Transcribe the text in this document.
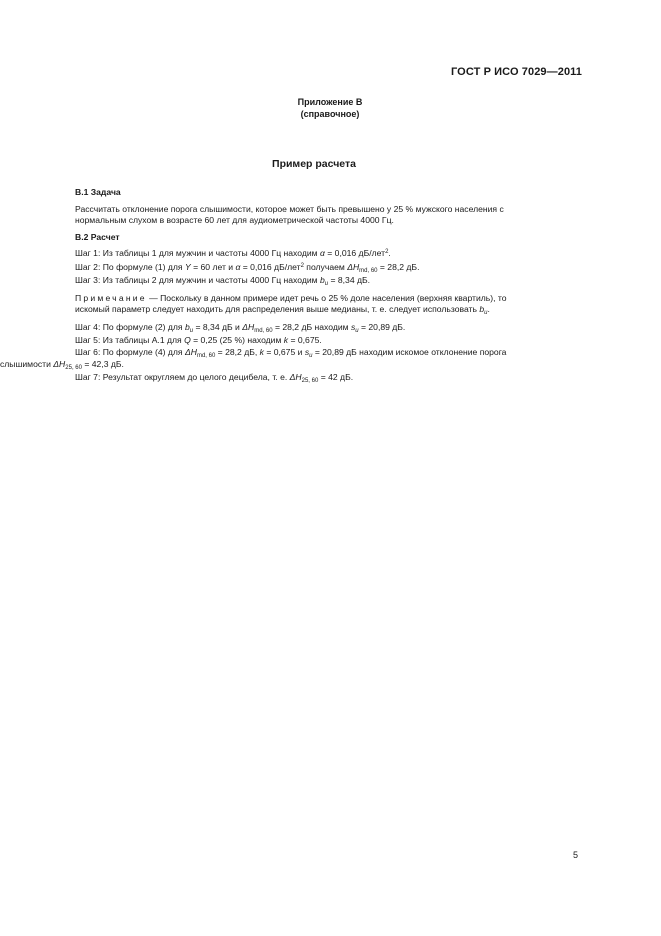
ГОСТ Р ИСО 7029—2011
Приложение В
(справочное)
Пример расчета
В.1 Задача
Рассчитать отклонение порога слышимости, которое может быть превышено у 25 % мужского населения с
нормальным слухом в возрасте 60 лет для аудиометрической частоты 4000 Гц.
В.2 Расчет
Шаг 1: Из таблицы 1 для мужчин и частоты 4000 Гц находим α = 0,016 дБ/лет$^2$.
Шаг 2: По формуле (1) для Y = 60 лет и α = 0,016 дБ/лет$^2$ получаем $\Delta H_{md, 60} = 28,2$ дБ.
Шаг 3: Из таблицы 2 для мужчин и частоты 4000 Гц находим $b_u = 8,34$ дБ.
Примечание — Поскольку в данном примере идет речь о 25 % доле населения (верхняя квартиль), то
искомый параметр следует находить для распределения выше медианы, т. е. следует использовать $b_u$.
Шаг 4: По формуле (2) для $b_u = 8,34$ дБ и $\Delta H_{md, 60} = 28,2$ дБ находим $s_u = 20,89$ дБ.
Шаг 5: Из таблицы А.1 для Q = 0,25 (25 %) находим k = 0,675.
Шаг 6: По формуле (4) для $\Delta H_{md, 60} = 28,2$ дБ, k = 0,675 и $s_u = 20,89$ дБ находим искомое отклонение порога
слышимости $\Delta H_{25, 60} = 42,3$ дБ.
Шаг 7: Результат округляем до целого децибела, т. е. $\Delta H_{25, 60} = 42$ дБ.
5
